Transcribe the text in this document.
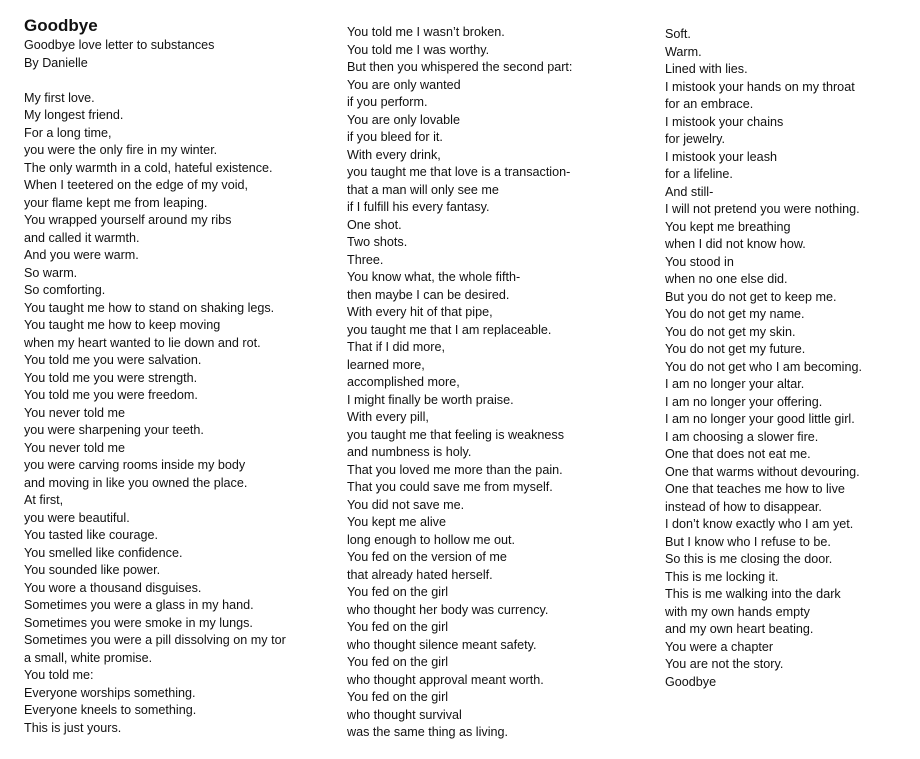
Goodbye
Goodbye love letter to substances
By Danielle
My first love.
My longest friend.
For a long time,
you were the only fire in my winter.
The only warmth in a cold, hateful existence.
When I teetered on the edge of my void,
your flame kept me from leaping.
You wrapped yourself around my ribs
and called it warmth.
And you were warm.
So warm.
So comforting.
You taught me how to stand on shaking legs.
You taught me how to keep moving
when my heart wanted to lie down and rot.
You told me you were salvation.
You told me you were strength.
You told me you were freedom.
You never told me
you were sharpening your teeth.
You never told me
you were carving rooms inside my body
and moving in like you owned the place.
At first,
you were beautiful.
You tasted like courage.
You smelled like confidence.
You sounded like power.
You wore a thousand disguises.
Sometimes you were a glass in my hand.
Sometimes you were smoke in my lungs.
Sometimes you were a pill dissolving on my tor
a small, white promise.
You told me:
Everyone worships something.
Everyone kneels to something.
This is just yours.
You told me I wasn’t broken.
You told me I was worthy.
But then you whispered the second part:
You are only wanted
if you perform.
You are only lovable
if you bleed for it.
With every drink,
you taught me that love is a transaction-
that a man will only see me
if I fulfill his every fantasy.
One shot.
Two shots.
Three.
You know what, the whole fifth-
then maybe I can be desired.
With every hit of that pipe,
you taught me that I am replaceable.
That if I did more,
learned more,
accomplished more,
I might finally be worth praise.
With every pill,
you taught me that feeling is weakness
and numbness is holy.
That you loved me more than the pain.
That you could save me from myself.
You did not save me.
You kept me alive
long enough to hollow me out.
You fed on the version of me
that already hated herself.
You fed on the girl
who thought her body was currency.
You fed on the girl
who thought silence meant safety.
You fed on the girl
who thought approval meant worth.
You fed on the girl
who thought survival
was the same thing as living.
Soft.
Warm.
Lined with lies.
I mistook your hands on my throat
for an embrace.
I mistook your chains
for jewelry.
I mistook your leash
for a lifeline.
And still-
I will not pretend you were nothing.
You kept me breathing
when I did not know how.
You stood in
when no one else did.
But you do not get to keep me.
You do not get my name.
You do not get my skin.
You do not get my future.
You do not get who I am becoming.
I am no longer your altar.
I am no longer your offering.
I am no longer your good little girl.
I am choosing a slower fire.
One that does not eat me.
One that warms without devouring.
One that teaches me how to live
instead of how to disappear.
I don’t know exactly who I am yet.
But I know who I refuse to be.
So this is me closing the door.
This is me locking it.
This is me walking into the dark
with my own hands empty
and my own heart beating.
You were a chapter
You are not the story.
Goodbye
